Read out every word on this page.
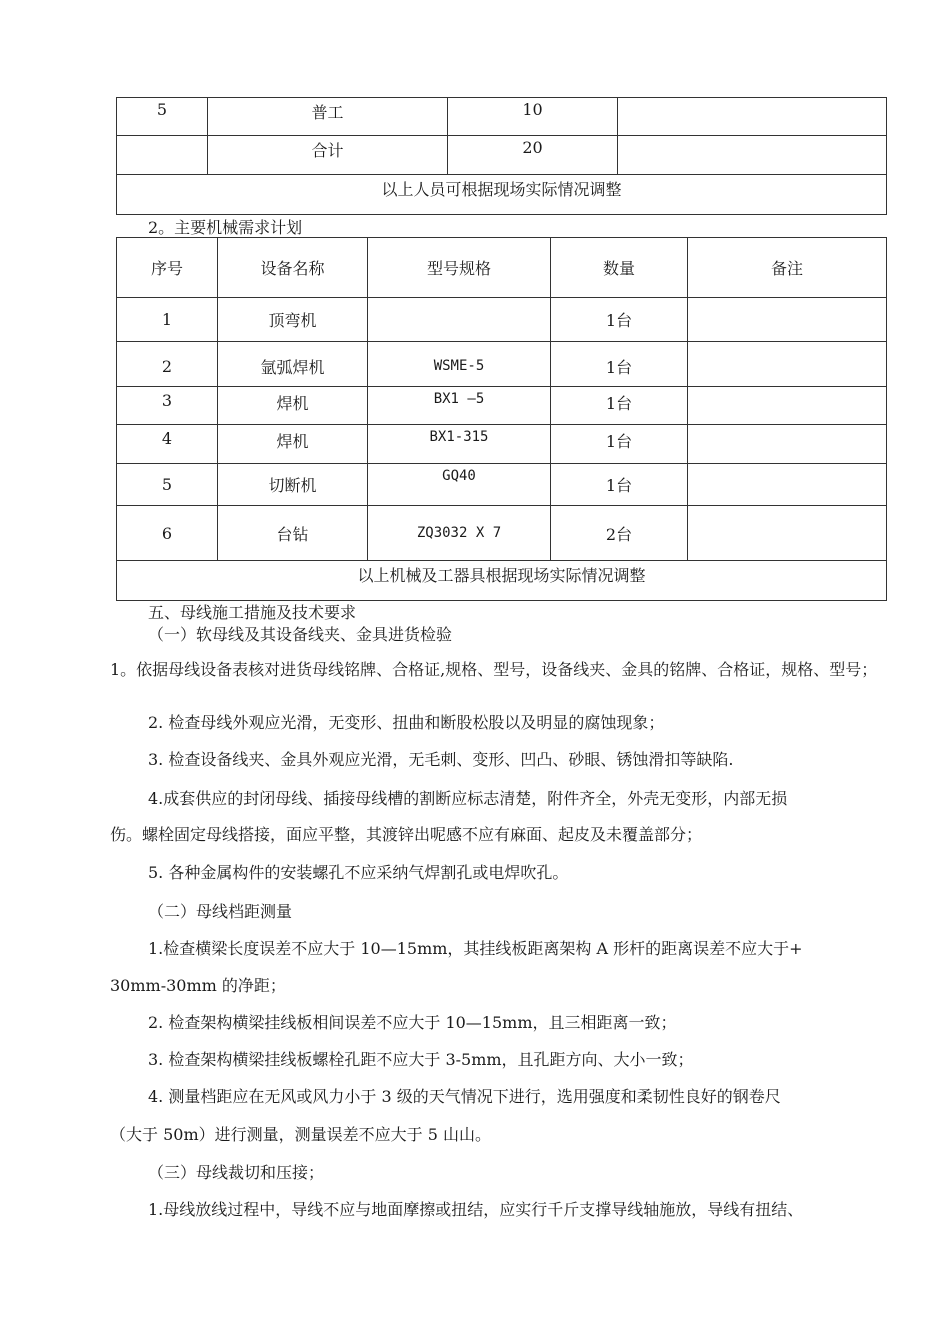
5	普工	10	
	合计	20	
以上人员可根据现场实际情况调整			
2。主要机械需求计划
序号	设备名称	型号规格	数量	备注
1	顶弯机		1台	
2	氩弧焊机	WSME-5	1台	
3	焊机	BX1 —5	1台	
4	焊机	BX1-315	1台	
5	切断机	GQ40	1台	
6	台钻	ZQ3032 X 7	2台	
以上机械及工器具根据现场实际情况调整				
五、母线施工措施及技术要求
（一）软母线及其设备线夹、金具进货检验
1。依据母线设备表核对进货母线铭牌、合格证,规格、型号，设备线夹、金具的铭牌、合格证，规格、型号；
2. 检查母线外观应光滑，无变形、扭曲和断股松股以及明显的腐蚀现象；
3. 检查设备线夹、金具外观应光滑，无毛刺、变形、凹凸、砂眼、锈蚀滑扣等缺陷.
4.成套供应的封闭母线、插接母线槽的割断应标志清楚，附件齐全，外壳无变形，内部无损
伤。螺栓固定母线搭接，面应平整，其渡锌出呢感不应有麻面、起皮及未覆盖部分；
5. 各种金属构件的安装螺孔不应采纳气焊割孔或电焊吹孔。
（二）母线档距测量
1.检查横梁长度误差不应大于 10—15mm，其挂线板距离架构 A 形杆的距离误差不应大于+
30mm-30mm 的净距；
2. 检查架构横梁挂线板相间误差不应大于 10—15mm，且三相距离一致；
3. 检查架构横梁挂线板螺栓孔距不应大于 3-5mm，且孔距方向、大小一致；
4. 测量档距应在无风或风力小于 3 级的天气情况下进行，选用强度和柔韧性良好的钢卷尺
（大于 50m）进行测量，测量误差不应大于 5 山山。
（三）母线裁切和压接；
1.母线放线过程中，导线不应与地面摩擦或扭结，应实行千斤支撑导线轴施放，导线有扭结、
